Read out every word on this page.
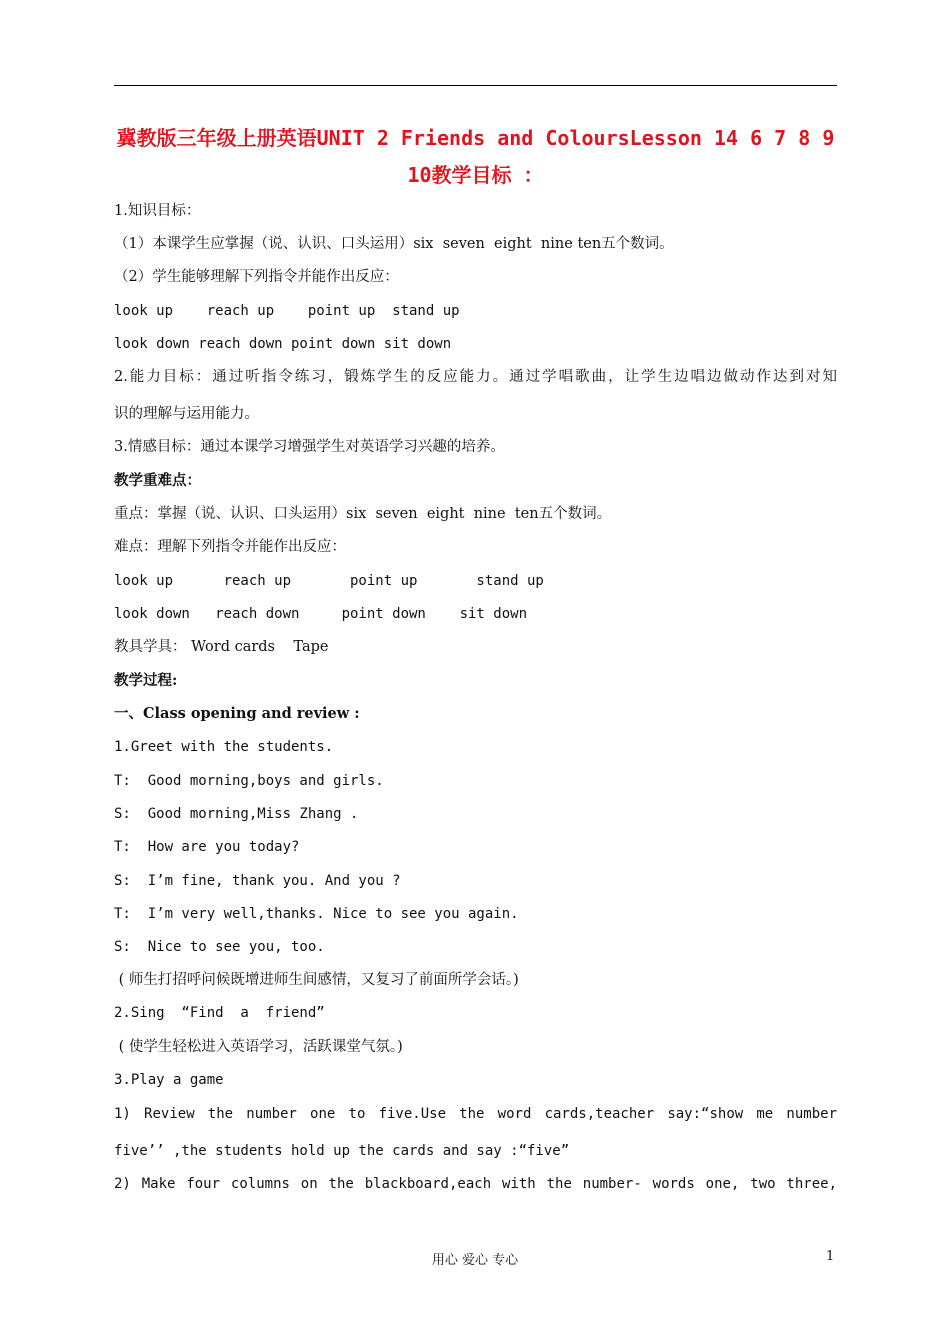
冀教版三年级上册英语UNIT 2 Friends and ColoursLesson 14 6 7 8 9
10教学目标 ：
1.知识目标：
（1）本课学生应掌握（说、认识、口头运用）six  seven  eight  nine ten五个数词。
（2）学生能够理解下列指令并能作出反应：
look up    reach up    point up  stand up
look down reach down point down sit down
2.能力目标：通过听指令练习，锻炼学生的反应能力。通过学唱歌曲，让学生边唱边做动作达到对知
识的理解与运用能力。
3.情感目标：通过本课学习增强学生对英语学习兴趣的培养。
教学重难点：
重点：掌握（说、认识、口头运用）six  seven  eight  nine  ten五个数词。
难点：理解下列指令并能作出反应：
look up      reach up       point up       stand up
look down   reach down     point down    sit down
教具学具： Word cards    Tape
教学过程:
一、Class opening and review :
1.Greet with the students.
T:  Good morning,boys and girls.
S:  Good morning,Miss Zhang .
T:  How are you today?
S:  I’m fine, thank you. And you ?
T:  I’m very well,thanks. Nice to see you again.
S:  Nice to see you, too.
( 师生打招呼问候既增进师生间感情，又复习了前面所学会话。)
2.Sing  “Find  a  friend”
( 使学生轻松进入英语学习，活跃课堂气氛。)
3.Play a game
1) Review the number one to five.Use the word cards,teacher say:“show me number
five’’ ,the students hold up the cards and say :“five”
2) Make four columns on the blackboard,each with the number- words one, two three,
用心 爱心 专心	1
